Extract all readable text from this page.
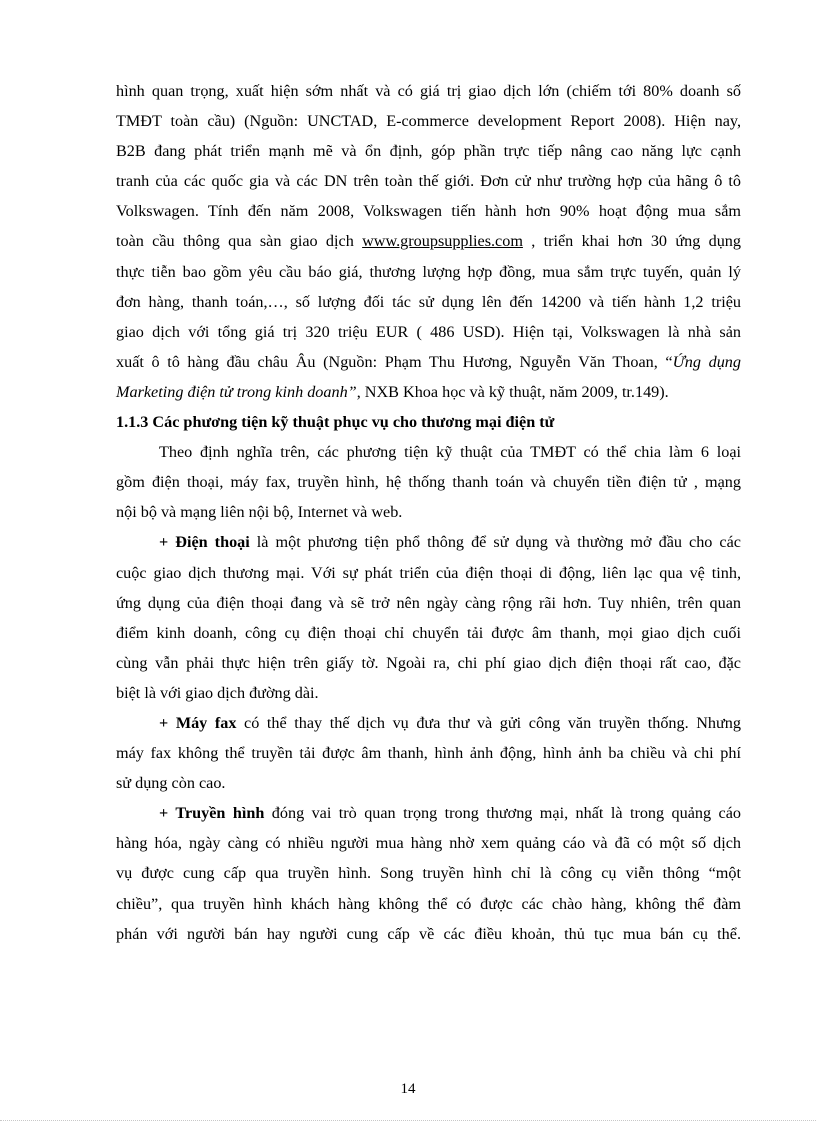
hình quan trọng, xuất hiện sớm nhất và có giá trị giao dịch lớn (chiếm tới 80% doanh số
TMĐT toàn cầu) (Nguồn: UNCTAD, E-commerce development Report 2008). Hiện nay,
B2B đang phát triển mạnh mẽ và ổn định, góp phần trực tiếp nâng cao năng lực cạnh
tranh của các quốc gia và các DN trên toàn thế giới. Đơn cử như trường hợp của hãng ô tô
Volkswagen. Tính đến năm 2008, Volkswagen tiến hành hơn 90% hoạt động mua sắm
toàn cầu thông qua sàn giao dịch www.groupsupplies.com , triển khai hơn 30 ứng dụng
thực tiễn bao gồm yêu cầu báo giá, thương lượng hợp đồng, mua sắm trực tuyến, quản lý
đơn hàng, thanh toán,…, số lượng đối tác sử dụng lên đến 14200 và tiến hành 1,2 triệu
giao dịch với tổng giá trị 320 triệu EUR ( 486 USD). Hiện tại, Volkswagen là nhà sản
xuất ô tô hàng đầu châu Âu (Nguồn: Phạm Thu Hương, Nguyễn Văn Thoan, “Ứng dụng
Marketing điện tử trong kinh doanh”, NXB Khoa học và kỹ thuật, năm 2009, tr.149).
1.1.3 Các phương tiện kỹ thuật phục vụ cho thương mại điện tử
Theo định nghĩa trên, các phương tiện kỹ thuật của TMĐT có thể chia làm 6 loại
gồm điện thoại, máy fax, truyền hình, hệ thống thanh toán và chuyển tiền điện tử , mạng
nội bộ và mạng liên nội bộ, Internet và web.
+ Điện thoại là một phương tiện phổ thông để sử dụng và thường mở đầu cho các
cuộc giao dịch thương mại. Với sự phát triển của điện thoại di động, liên lạc qua vệ tinh,
ứng dụng của điện thoại đang và sẽ trở nên ngày càng rộng rãi hơn. Tuy nhiên, trên quan
điểm kinh doanh, công cụ điện thoại chỉ chuyển tải được âm thanh, mọi giao dịch cuối
cùng vẫn phải thực hiện trên giấy tờ. Ngoài ra, chi phí giao dịch điện thoại rất cao, đặc
biệt là với giao dịch đường dài.
+ Máy fax có thể thay thế dịch vụ đưa thư và gửi công văn truyền thống. Nhưng
máy fax không thể truyền tải được âm thanh, hình ảnh động, hình ảnh ba chiều và chi phí
sử dụng còn cao.
+ Truyền hình đóng vai trò quan trọng trong thương mại, nhất là trong quảng cáo
hàng hóa, ngày càng có nhiều người mua hàng nhờ xem quảng cáo và đã có một số dịch
vụ được cung cấp qua truyền hình. Song truyền hình chỉ là công cụ viễn thông “một
chiều”, qua truyền hình khách hàng không thể có được các chào hàng, không thể đàm
phán với người bán hay người cung cấp về các điều khoản, thủ tục mua bán cụ thể.
14
